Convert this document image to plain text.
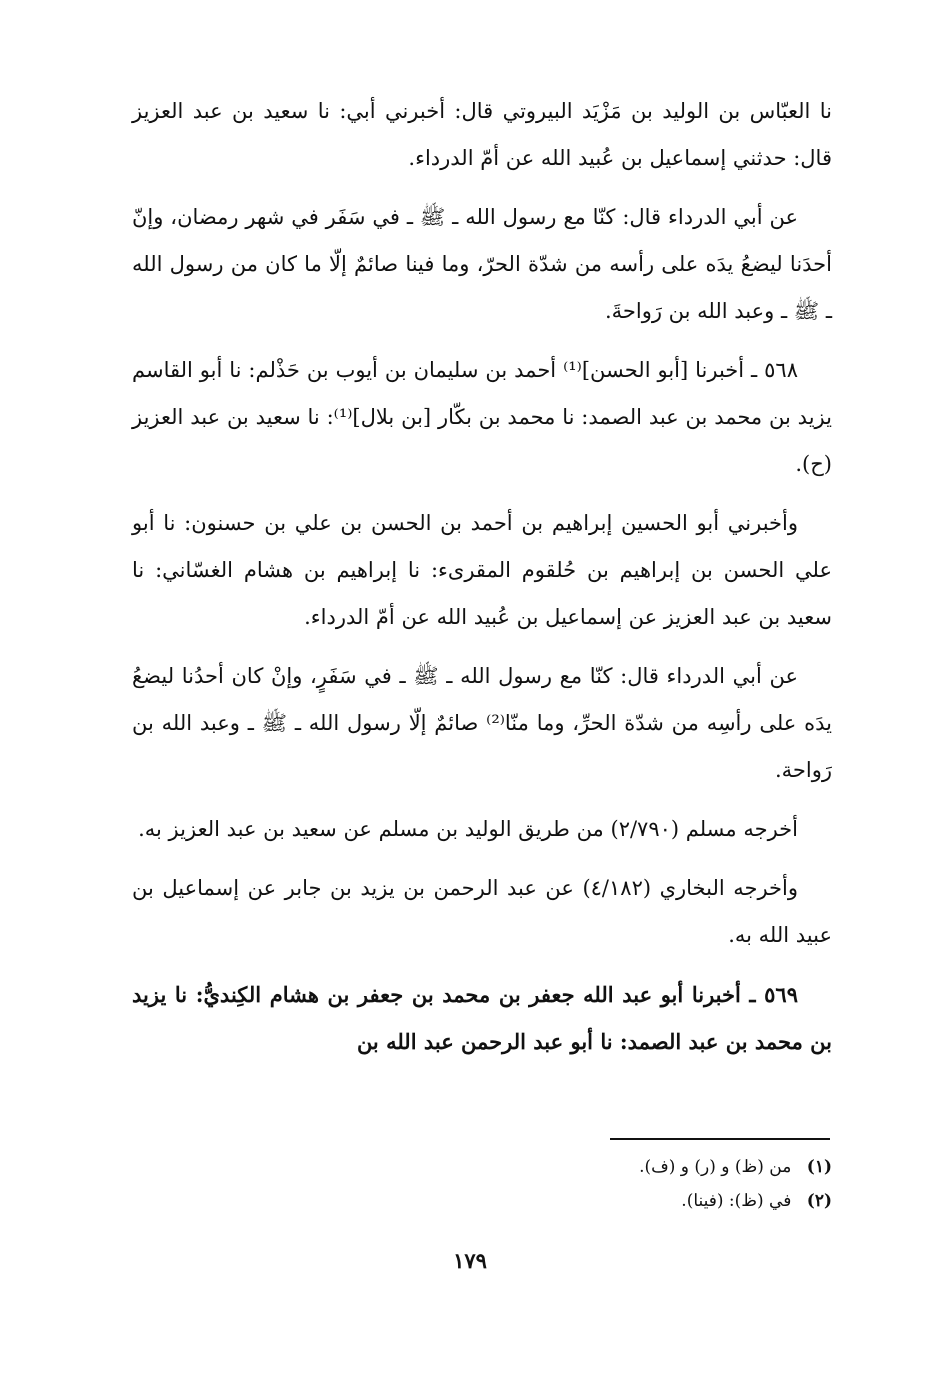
نا العبّاس بن الوليد بن مَزْيَد البيروتي قال: أخبرني أبي: نا سعيد بن عبد العزيز قال: حدثني إسماعيل بن عُبيد الله عن أمّ الدرداء.

عن أبي الدرداء قال: كنّا مع رسول الله ـ ﷺ ـ في سَفَر في شهر رمضان، وإنّ أحدَنا ليضعُ يدَه على رأسه من شدّة الحرّ، وما فينا صائمٌ إلّا ما كان من رسول الله ـ ﷺ ـ وعبد الله بن رَواحةَ.

٥٦٨ ـ أخبرنا [أبو الحسن]⁽¹⁾ أحمد بن سليمان بن أيوب بن حَذْلم: نا أبو القاسم يزيد بن محمد بن عبد الصمد: نا محمد بن بكّار [بن بلال]⁽¹⁾: نا سعيد بن عبد العزيز (ح).

وأخبرني أبو الحسين إبراهيم بن أحمد بن الحسن بن علي بن حسنون: نا أبو علي الحسن بن إبراهيم بن حُلقوم المقرىء: نا إبراهيم بن هشام الغسّاني: نا سعيد بن عبد العزيز عن إسماعيل بن عُبيد الله عن أمّ الدرداء.

عن أبي الدرداء قال: كنّا مع رسول الله ـ ﷺ ـ في سَفَرٍ، وإنْ كان أحدُنا ليضعُ يدَه على رأسِه من شدّة الحرِّ، وما منّا⁽²⁾ صائمٌ إلّا رسول الله ـ ﷺ ـ وعبد الله بن رَواحة.

أخرجه مسلم (٢/٧٩٠) من طريق الوليد بن مسلم عن سعيد بن عبد العزيز به.

وأخرجه البخاري (٤/١٨٢) عن عبد الرحمن بن يزيد بن جابر عن إسماعيل بن عبيد الله به.

٥٦٩ ـ أخبرنا أبو عبد الله جعفر بن محمد بن جعفر بن هشام الكِنديُّ: نا يزيد بن محمد بن عبد الصمد: نا أبو عبد الرحمن عبد الله بن

(١) من (ظ) و (ر) و (ف).
(٢) في (ظ): (فينا).
١٧٩
